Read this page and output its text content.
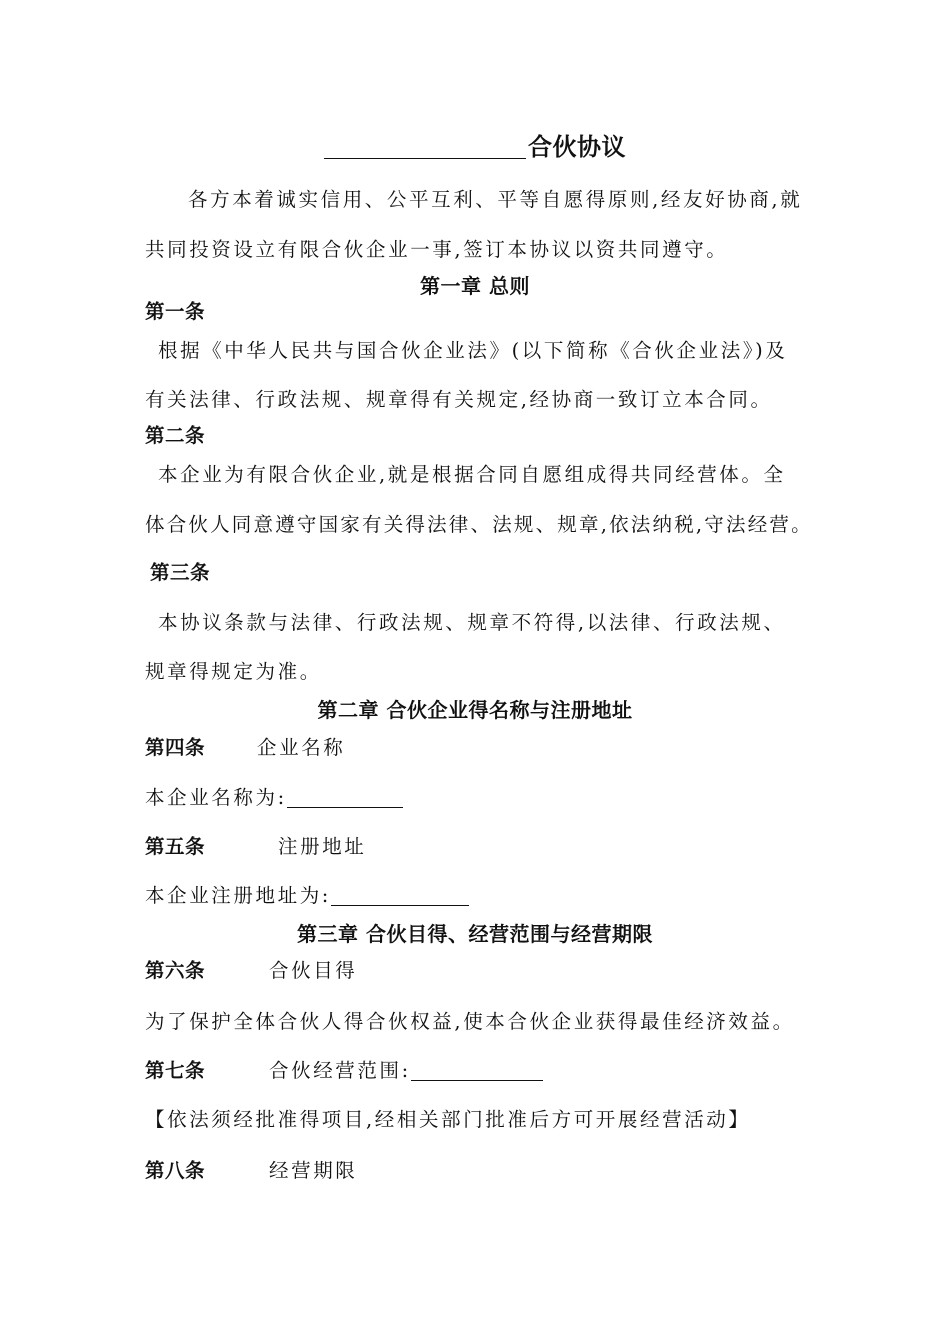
合伙协议
各方本着诚实信用、公平互利、平等自愿得原则,经友好协商,就
共同投资设立有限合伙企业一事,签订本协议以资共同遵守。
第一章 总则
第一条
根据《中华人民共与国合伙企业法》(以下简称《合伙企业法》)及
有关法律、行政法规、规章得有关规定,经协商一致订立本合同。
第二条
本企业为有限合伙企业,就是根据合同自愿组成得共同经营体。全
体合伙人同意遵守国家有关得法律、法规、规章,依法纳税,守法经营。
第三条
本协议条款与法律、行政法规、规章不符得,以法律、行政法规、
规章得规定为准。
第二章 合伙企业得名称与注册地址
第四条	企业名称
本企业名称为:
第五条	注册地址
本企业注册地址为:
第三章 合伙目得、经营范围与经营期限
第六条	合伙目得
为了保护全体合伙人得合伙权益,使本合伙企业获得最佳经济效益。
第七条	合伙经营范围:
【依法须经批准得项目,经相关部门批准后方可开展经营活动】
第八条	经营期限
